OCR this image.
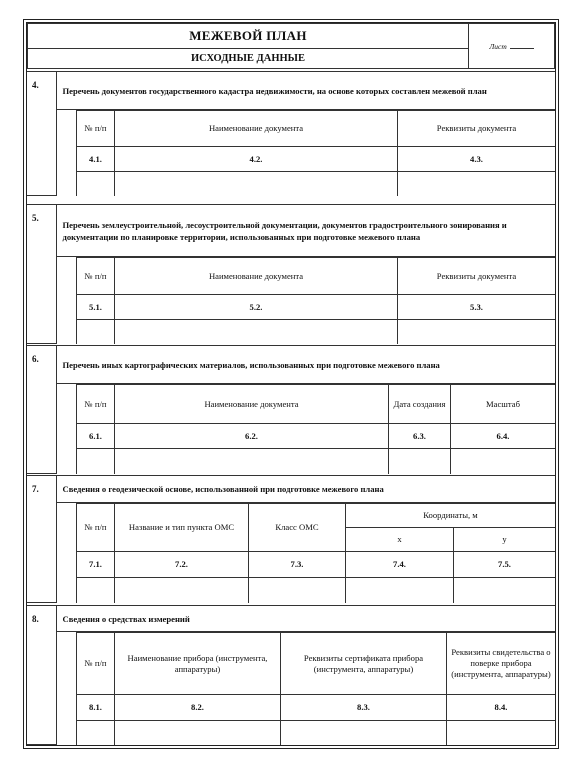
МЕЖЕВОЙ ПЛАН	Лист
ИСХОДНЫЕ ДАННЫЕ
4.	Перечень документов государственного кадастра недвижимости, на основе которых составлен межевой план

	№ п/п	Наименование документа	Реквизиты документа
4.1.	4.2.	4.3.

5.	Перечень землеустроительной, лесоустроительной документации, документов градостроительного зонирования и документации по планировке территории, использованных при подготовке межевого плана

	№ п/п	Наименование документа	Реквизиты документа
5.1.	5.2.	5.3.

6.	Перечень иных картографических материалов, использованных при подготовке межевого плана

	№ п/п	Наименование документа	Дата создания	Масштаб
6.1.	6.2.	6.3.	6.4.

7.	Сведения о геодезической основе, использованной при подготовке межевого плана

	№ п/п	Название и тип пункта ОМС	Класс ОМС	Координаты, м
x	y
7.1.	7.2.	7.3.	7.4.	7.5.

8.	Сведения о средствах измерений

	№ п/п	Наименование прибора (инструмента, аппаратуры)	Реквизиты сертификата прибора (инструмента, аппаратуры)	Реквизиты свидетельства о поверке прибора (инструмента, аппаратуры)
8.1.	8.2.	8.3.	8.4.
